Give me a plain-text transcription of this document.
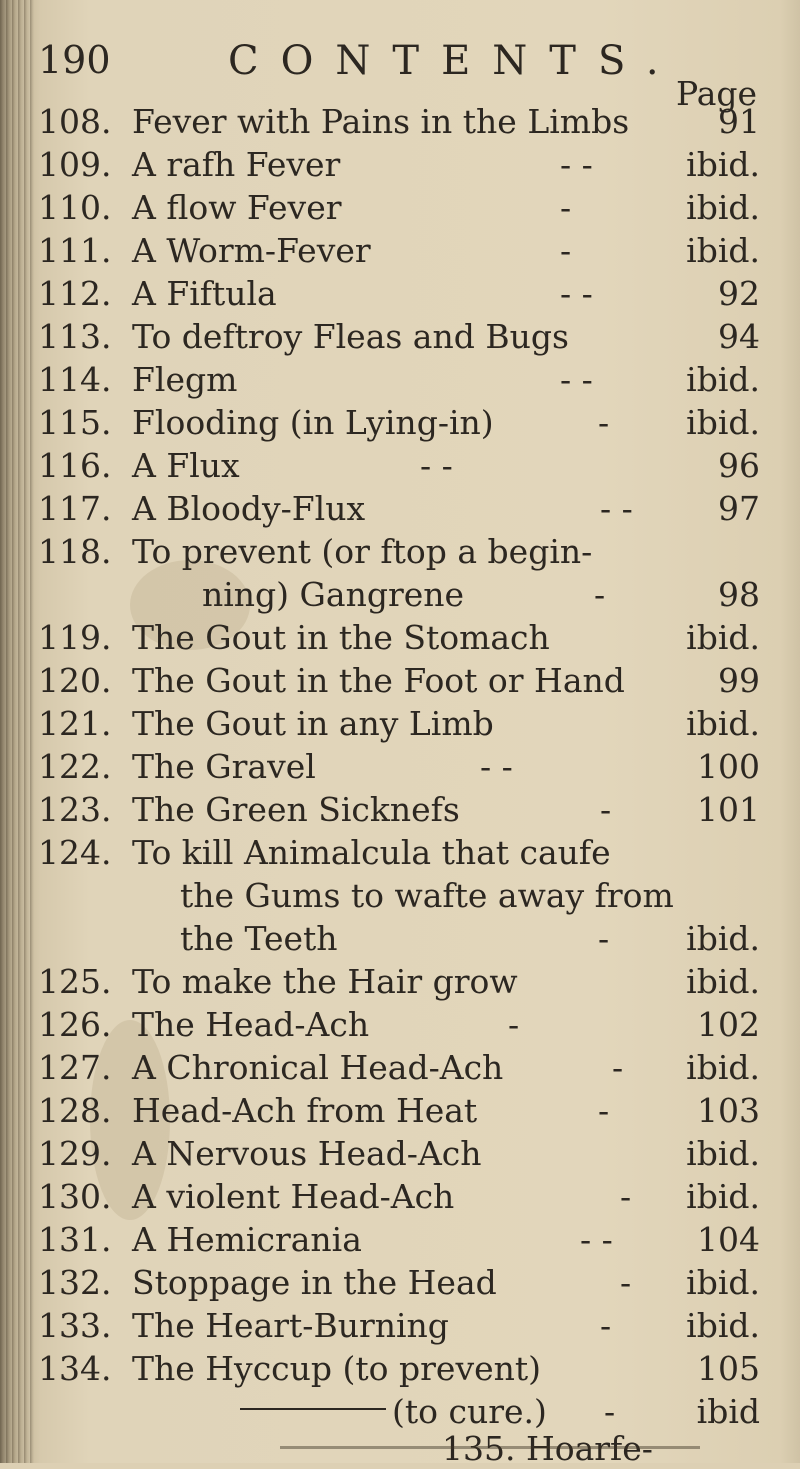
190	CONTENTS.
Page
108. Fever with Pains in the Limbs	91
109. A rafh Fever	- -	ibid.
110. A flow Fever	-	ibid.
111. A Worm-Fever	-	ibid.
112. A Fiftula	- -	92
113. To deftroy Fleas and Bugs	94
114. Flegm	- -	ibid.
115. Flooding (in Lying-in)	- ibid.
116. A Flux	- -	96
117. A Bloody-Flux	- -	97
118. To prevent (or ftop a begin-
ning) Gangrene	-	98
119. The Gout in the Stomach	ibid.
120. The Gout in the Foot or Hand	99
121. The Gout in any Limb	ibid.
122. The Gravel	- -	100
123. The Green Sicknefs	-	101
124. To kill Animalcula that caufe
the Gums to wafte away from
the Teeth	- ibid.
125. To make the Hair grow	ibid.
126. The Head-Ach	-	102
127. A Chronical Head-Ach	- ibid.
128. Head-Ach from Heat	-	103
129. A Nervous Head-Ach	ibid.
130. A violent Head-Ach	- ibid.
131. A Hemicrania	- -	104
132. Stoppage in the Head	- ibid.
133. The Heart-Burning	- ibid.
134. The Hyccup (to prevent)	105
(to cure.) - ibid
135. Hoarfe-
